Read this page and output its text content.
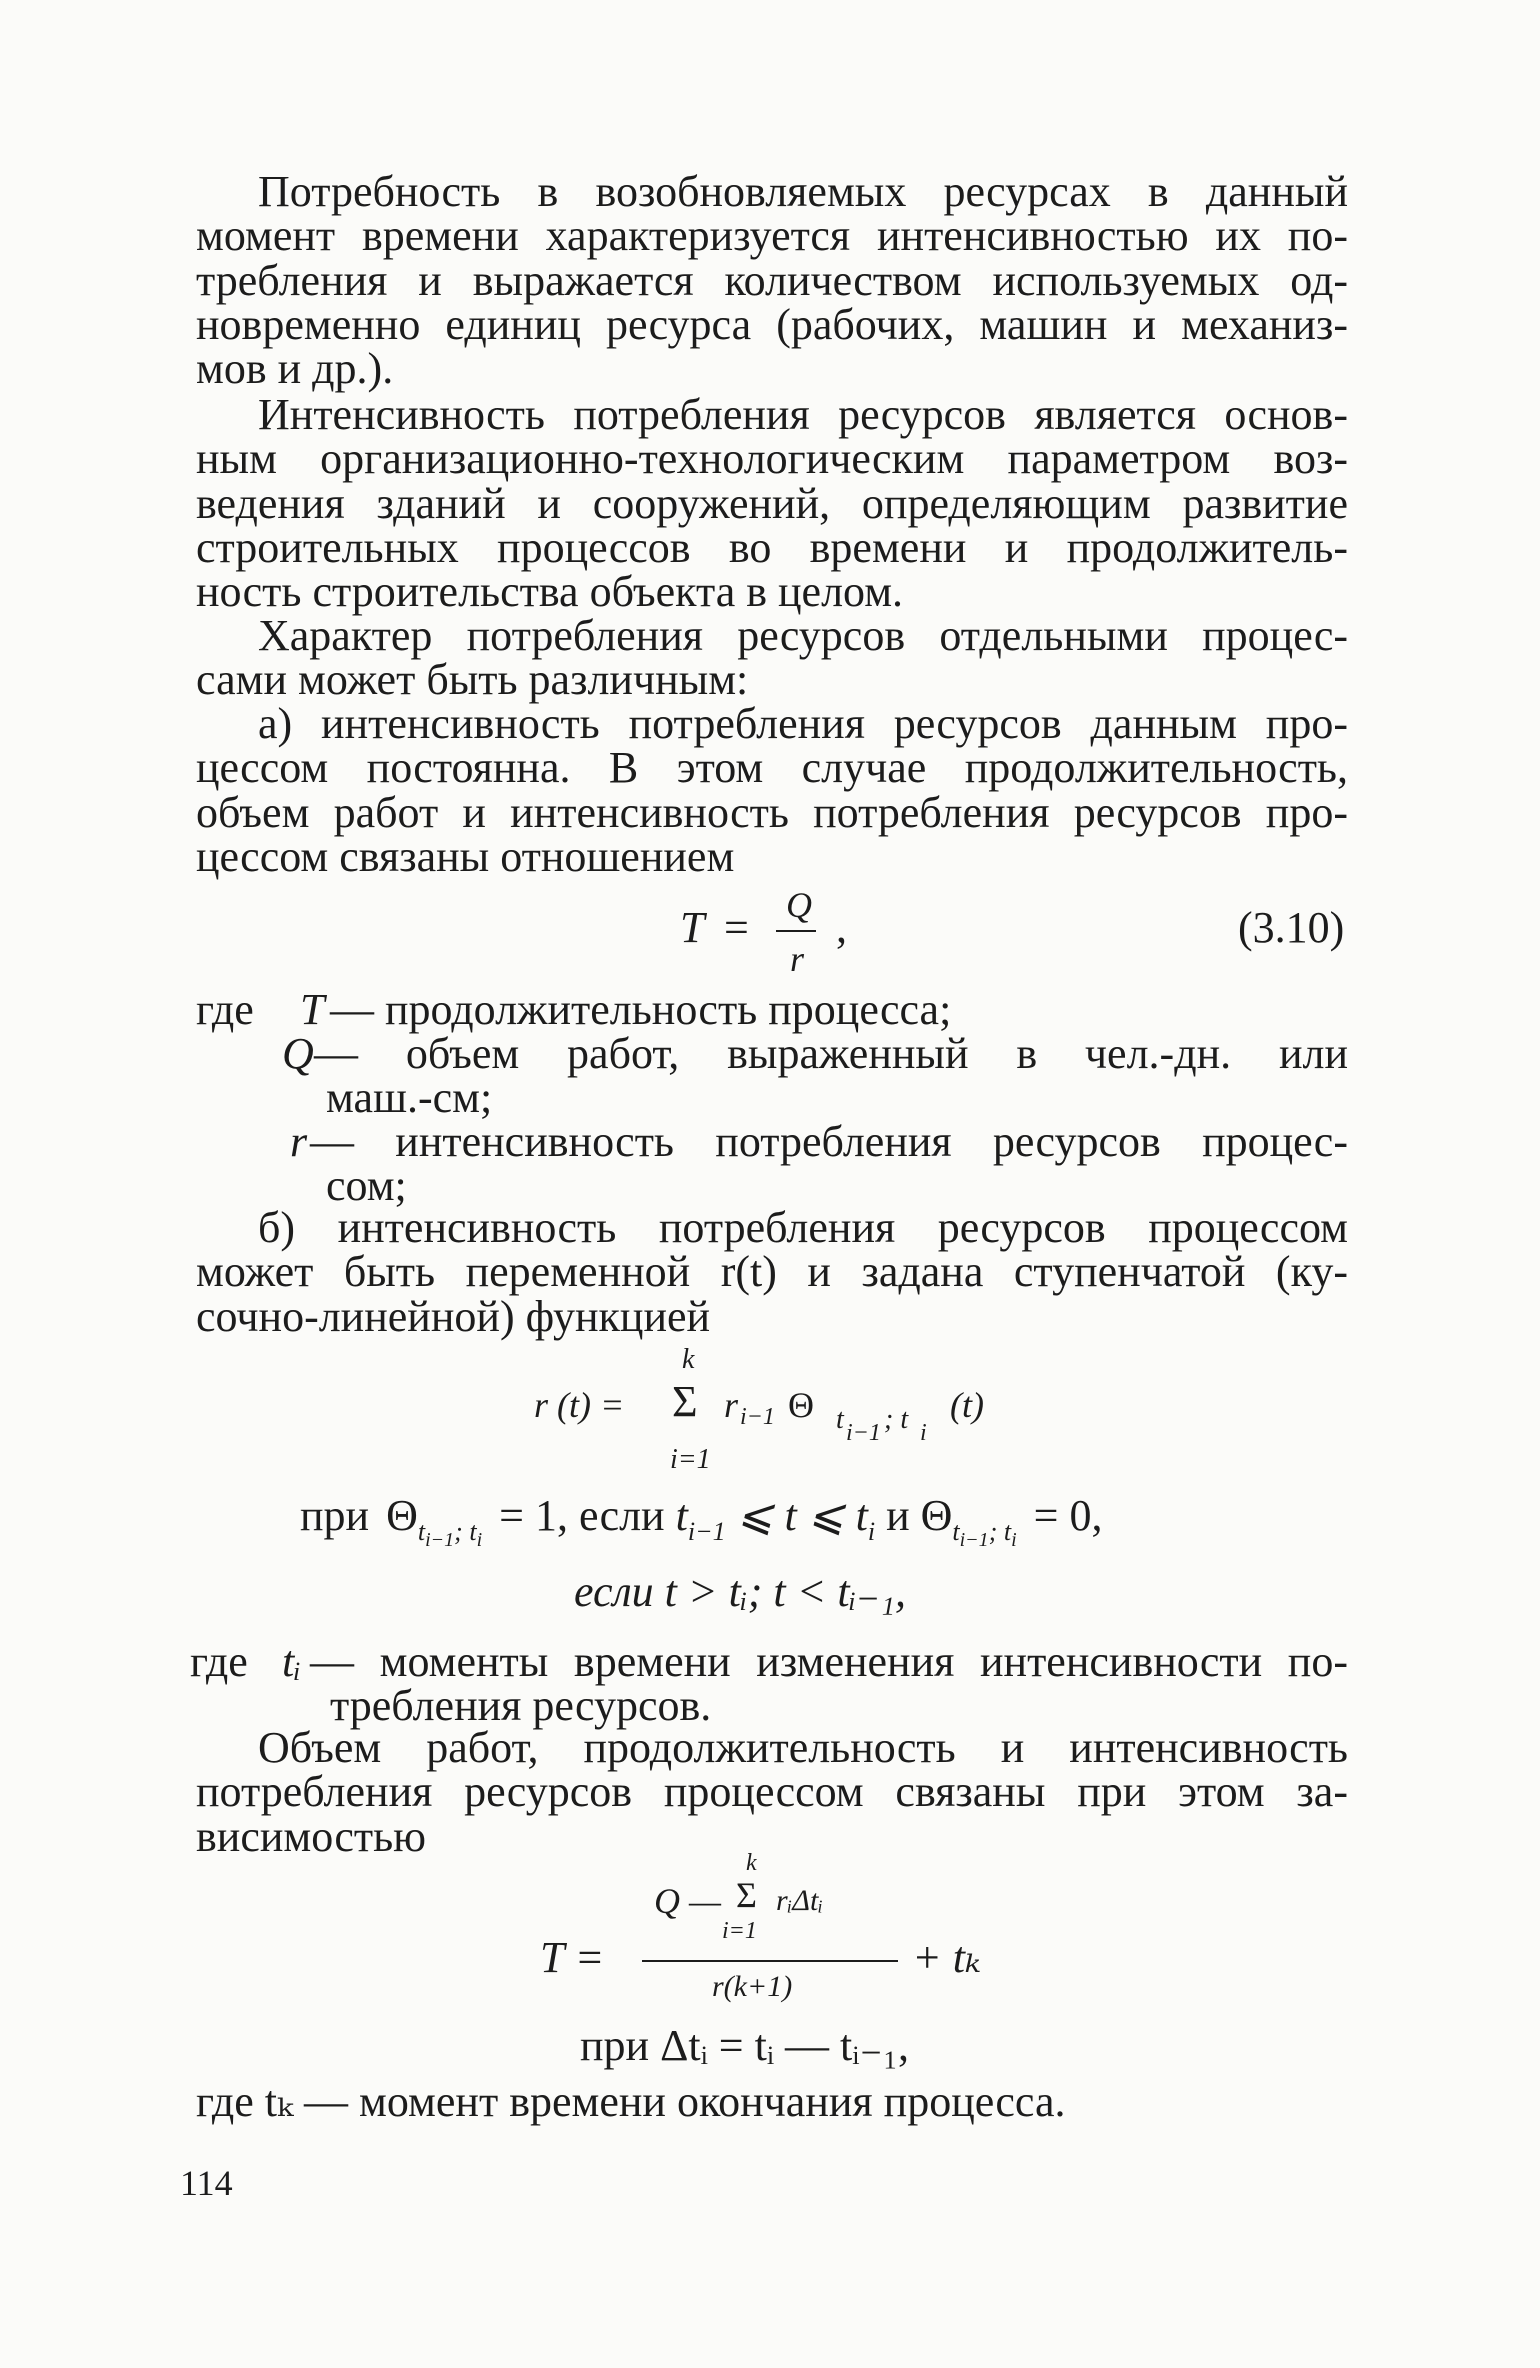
Потребность в возобновляемых ресурсах в данный
момент времени характеризуется интенсивностью их по-
требления и выражается количеством используемых од-
новременно единиц ресурса (рабочих, машин и механиз-
мов и др.).
Интенсивность потребления ресурсов является основ-
ным организационно-технологическим параметром воз-
ведения зданий и сооружений, определяющим развитие
строительных процессов во времени и продолжитель-
ность строительства объекта в целом.
Характер потребления ресурсов отдельными процес-
сами может быть различным:
а) интенсивность потребления ресурсов данным про-
цессом постоянна. В этом случае продолжительность,
объем работ и интенсивность потребления ресурсов про-
цессом связаны отношением
T = Q
r
,	(3.10)
где T — продолжительность процесса;
Q — объем работ, выраженный в чел.-дн. или
маш.-см;
r — интенсивность потребления ресурсов процес-
сом;
б) интенсивность потребления ресурсов процессом
может быть переменной r(t) и задана ступенчатой (ку-
сочно-линейной) функцией
k
r (t) = Σ r i−1 Θ t i−1 ; t i
(t)
i=1
при $\Theta_{t_{i-1}; t_i} = 1$, если $t_{i-1}$ ⩽ t ⩽ $t_i$ и $\Theta_{t_{i-1}; t_i} = 0$,
если t > tᵢ; t < tᵢ₋₁,
где tᵢ — моменты времени изменения интенсивности по-
требления ресурсов.
Объем работ, продолжительность и интенсивность
потребления ресурсов процессом связаны при этом за-
висимостью
k
Q — Σ rᵢΔtᵢ
i=1
T =
r(k+1)
+ tₖ
при Δtᵢ = tᵢ — tᵢ₋₁,
где tₖ — момент времени окончания процесса.
114
